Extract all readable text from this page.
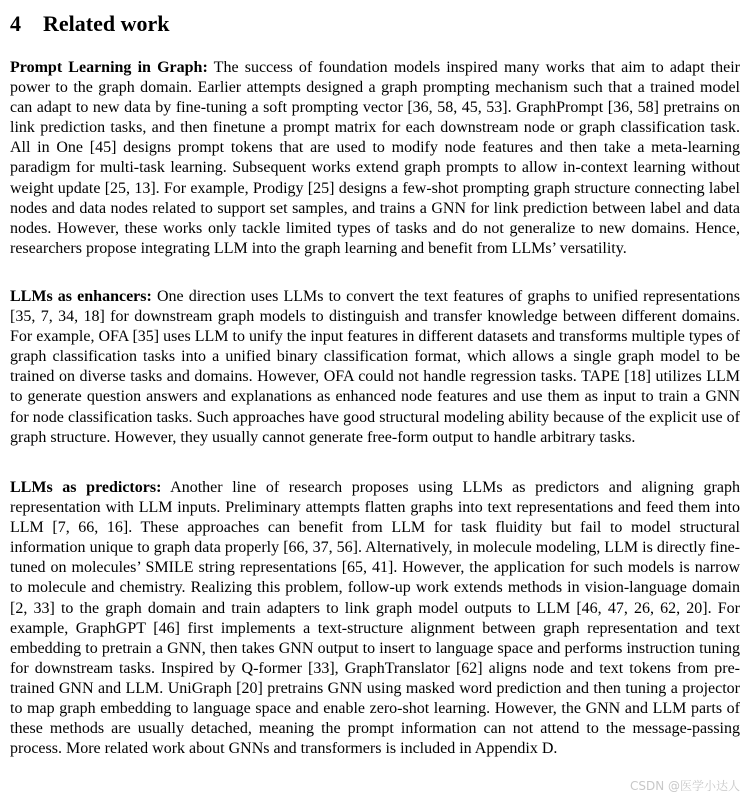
4 Related work

Prompt Learning in Graph: The success of foundation models inspired many works that aim to adapt their power to the graph domain. Earlier attempts designed a graph prompting mechanism such that a trained model can adapt to new data by fine-tuning a soft prompting vector [36, 58, 45, 53]. GraphPrompt [36, 58] pretrains on link prediction tasks, and then finetune a prompt matrix for each downstream node or graph classification task. All in One [45] designs prompt tokens that are used to modify node features and then take a meta-learning paradigm for multi-task learning. Subsequent works extend graph prompts to allow in-context learning without weight update [25, 13]. For example, Prodigy [25] designs a few-shot prompting graph structure connecting label nodes and data nodes related to support set samples, and trains a GNN for link prediction between label and data nodes. However, these works only tackle limited types of tasks and do not generalize to new domains. Hence, researchers propose integrating LLM into the graph learning and benefit from LLMs’ versatility.

LLMs as enhancers: One direction uses LLMs to convert the text features of graphs to unified representations [35, 7, 34, 18] for downstream graph models to distinguish and transfer knowledge between different domains. For example, OFA [35] uses LLM to unify the input features in different datasets and transforms multiple types of graph classification tasks into a unified binary classification format, which allows a single graph model to be trained on diverse tasks and domains. However, OFA could not handle regression tasks. TAPE [18] utilizes LLM to generate question answers and explanations as enhanced node features and use them as input to train a GNN for node classification tasks. Such approaches have good structural modeling ability because of the explicit use of graph structure. However, they usually cannot generate free-form output to handle arbitrary tasks.

LLMs as predictors: Another line of research proposes using LLMs as predictors and aligning graph representation with LLM inputs. Preliminary attempts flatten graphs into text representations and feed them into LLM [7, 66, 16]. These approaches can benefit from LLM for task fluidity but fail to model structural information unique to graph data properly [66, 37, 56]. Alternatively, in molecule modeling, LLM is directly fine-tuned on molecules’ SMILE string representations [65, 41]. However, the application for such models is narrow to molecule and chemistry. Realizing this problem, follow-up work extends methods in vision-language domain [2, 33] to the graph domain and train adapters to link graph model outputs to LLM [46, 47, 26, 62, 20]. For example, GraphGPT [46] first implements a text-structure alignment between graph representation and text embedding to pretrain a GNN, then takes GNN output to insert to language space and performs instruction tuning for downstream tasks. Inspired by Q-former [33], GraphTranslator [62] aligns node and text tokens from pre-trained GNN and LLM. UniGraph [20] pretrains GNN using masked word prediction and then tuning a projector to map graph embedding to language space and enable zero-shot learning. However, the GNN and LLM parts of these methods are usually detached, meaning the prompt information can not attend to the message-passing process. More related work about GNNs and transformers is included in Appendix D.

CSDN @医学小达人
